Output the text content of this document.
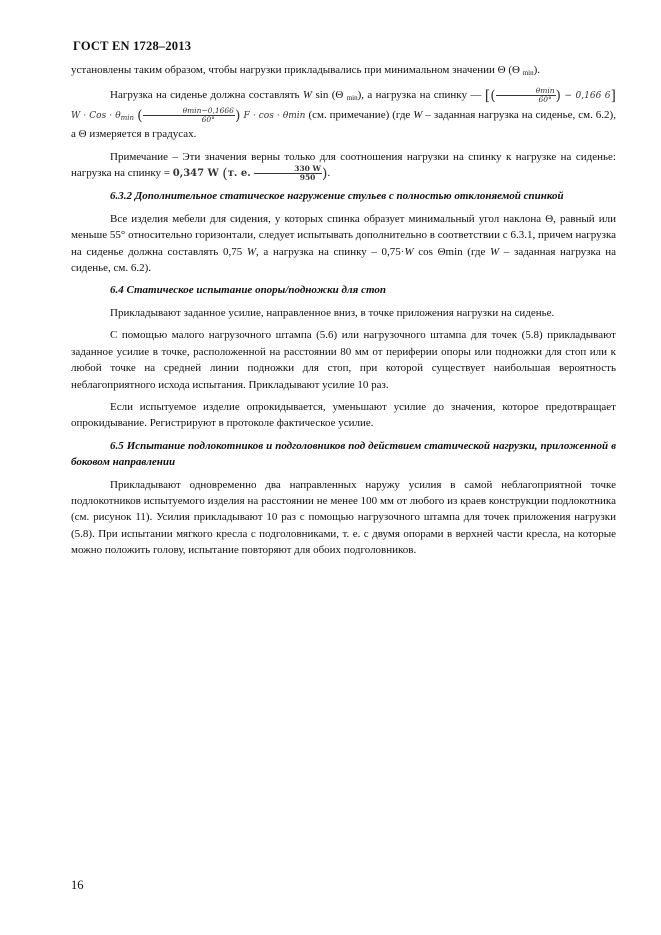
ГОСТ EN 1728–2013

установлены таким образом, чтобы нагрузки прикладывались при минимальном значении Θ (Θ $_{min}$).

Нагрузка на сиденье должна составлять W sin (Θ $_{min}$), а нагрузка на спинку — [( $\frac{\theta\min}{60^\circ}$ ) − 0,166 6] W · Cos · $\theta_{min}$ ( $\frac{\theta\min-0,1666}{60^\circ}$ ) F · cos · θmin (см. примечание) (где W – заданная нагрузка на сиденье, см. 6.2), а Θ измеряется в градусах.

Примечание – Эти значения верны только для соотношения нагрузки на спинку к нагрузке на сиденье: нагрузка на спинку = 0,347 W (т. е. $\frac{330 W}{950}$ ).

6.3.2 Дополнительное статическое нагружение стульев с полностью отклоняемой спинкой

Все изделия мебели для сидения, у которых спинка образует минимальный угол наклона Θ, равный или меньше 55° относительно горизонтали, следует испытывать дополнительно в соответствии с 6.3.1, причем нагрузка на сиденье должна составлять 0,75 W, а нагрузка на спинку – 0,75·W cos Θmin (где W – заданная нагрузка на сиденье, см. 6.2).

6.4 Статическое испытание опоры/подножки для стоп

Прикладывают заданное усилие, направленное вниз, в точке приложения нагрузки на сиденье.

С помощью малого нагрузочного штампа (5.6) или нагрузочного штампа для точек (5.8) прикладывают заданное усилие в точке, расположенной на расстоянии 80 мм от периферии опоры или подножки для стоп или к любой точке на средней линии подножки для стоп, при которой существует наибольшая вероятность неблагоприятного исхода испытания. Прикладывают усилие 10 раз.

Если испытуемое изделие опрокидывается, уменьшают усилие до значения, которое предотвращает опрокидывание. Регистрируют в протоколе фактическое усилие.

6.5 Испытание подлокотников и подголовников под действием статической нагрузки, приложенной в боковом направлении

Прикладывают одновременно два направленных наружу усилия в самой неблагоприятной точке подлокотников испытуемого изделия на расстоянии не менее 100 мм от любого из краев конструкции подлокотника (см. рисунок 11). Усилия прикладывают 10 раз с помощью нагрузочного штампа для точек приложения нагрузки (5.8). При испытании мягкого кресла с подголовниками, т. е. с двумя опорами в верхней части кресла, на которые можно положить голову, испытание повторяют для обоих подголовников.

16
